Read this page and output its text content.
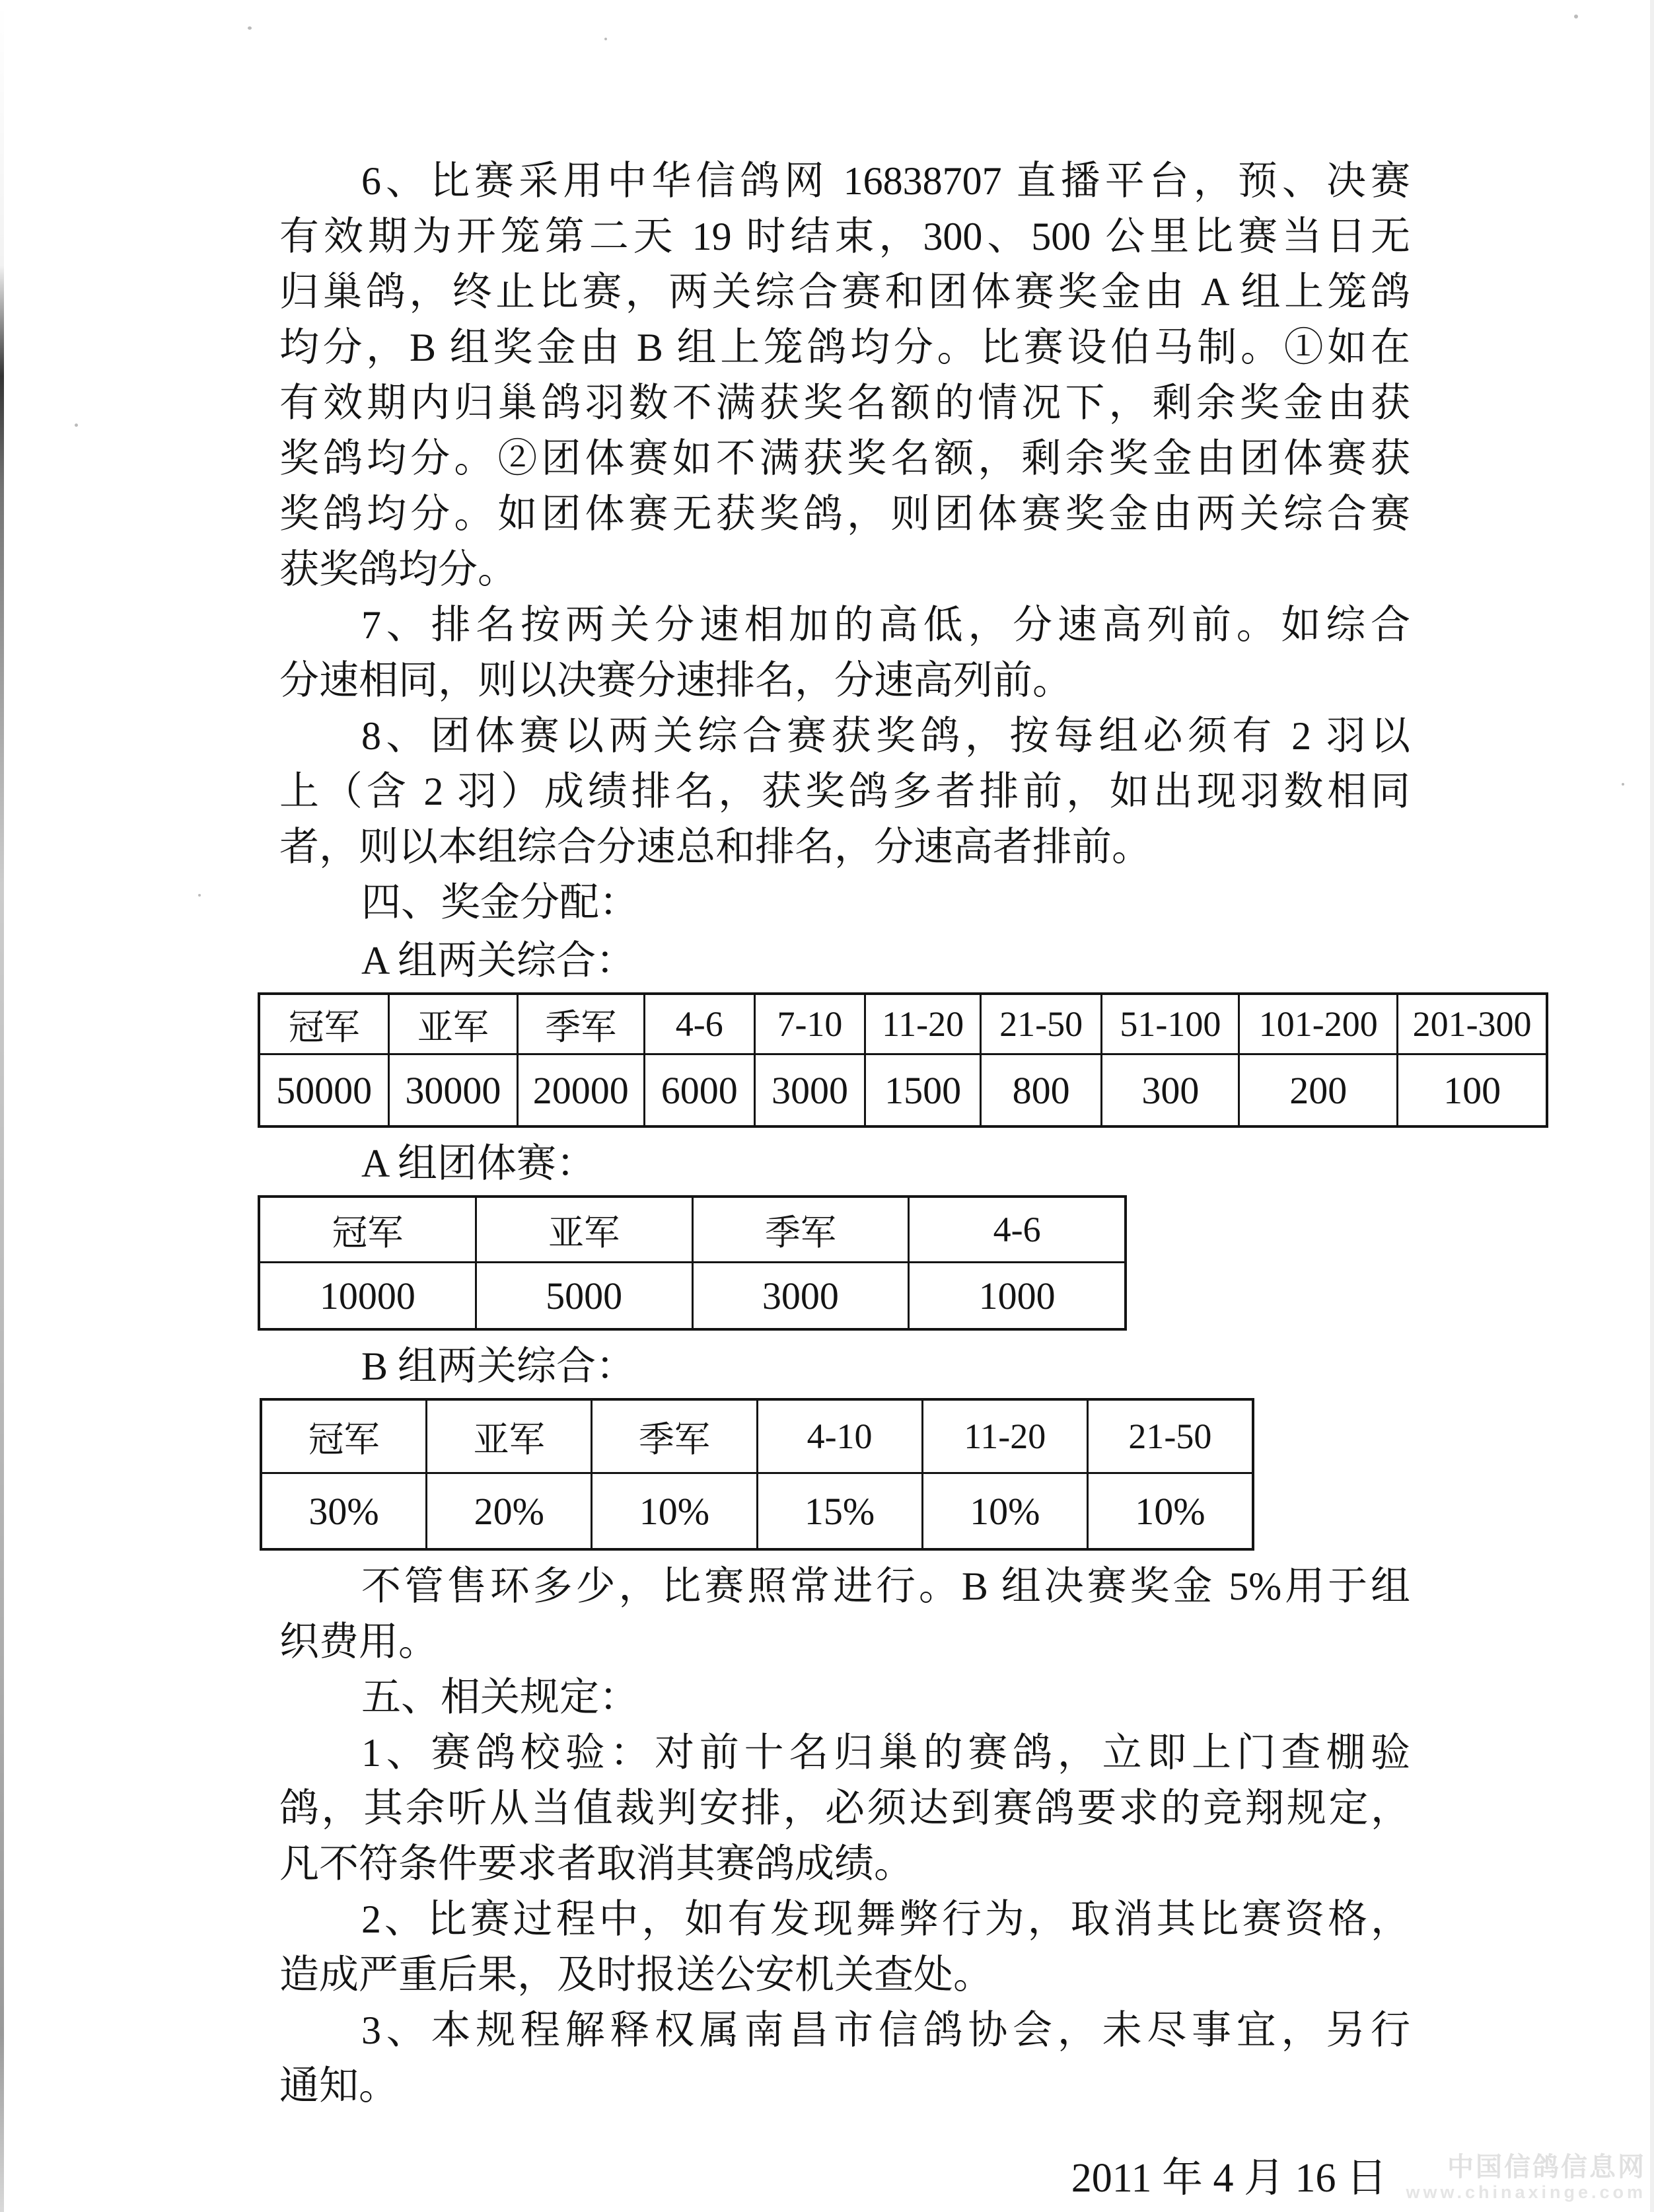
6、比赛采用中华信鸽网 16838707 直播平台，预、决赛
有效期为开笼第二天 19 时结束，300、500 公里比赛当日无
归巢鸽，终止比赛，两关综合赛和团体赛奖金由 A 组上笼鸽
均分，B 组奖金由 B 组上笼鸽均分。比赛设伯马制。①如在
有效期内归巢鸽羽数不满获奖名额的情况下，剩余奖金由获
奖鸽均分。②团体赛如不满获奖名额，剩余奖金由团体赛获
奖鸽均分。如团体赛无获奖鸽，则团体赛奖金由两关综合赛
获奖鸽均分。
7、排名按两关分速相加的高低，分速高列前。如综合
分速相同，则以决赛分速排名，分速高列前。
8、团体赛以两关综合赛获奖鸽，按每组必须有 2 羽以
上（含 2 羽）成绩排名，获奖鸽多者排前，如出现羽数相同
者，则以本组综合分速总和排名，分速高者排前。
四、奖金分配：
A 组两关综合：
冠军	亚军	季军	4-6	7-10	11-20	21-50	51-100	101-200 201-300
50000 30000 20000 6000 3000 1500	800	300	200	100
A 组团体赛：
冠军	亚军	季军	4-6
10000	5000	3000	1000
B 组两关综合：
冠军	亚军	季军	4-10	11-20	21-50
30%	20%	10%	15%	10%	10%
不管售环多少，比赛照常进行。B 组决赛奖金 5%用于组
织费用。
五、相关规定：
1、赛鸽校验：对前十名归巢的赛鸽，立即上门查棚验
鸽，其余听从当值裁判安排，必须达到赛鸽要求的竞翔规定，
凡不符条件要求者取消其赛鸽成绩。
2、比赛过程中，如有发现舞弊行为，取消其比赛资格，
造成严重后果，及时报送公安机关查处。
3、本规程解释权属南昌市信鸽协会，未尽事宜，另行
通知。
2011 年 4 月 16 日	中国信鸽信息网
www.chinaxinge.com
